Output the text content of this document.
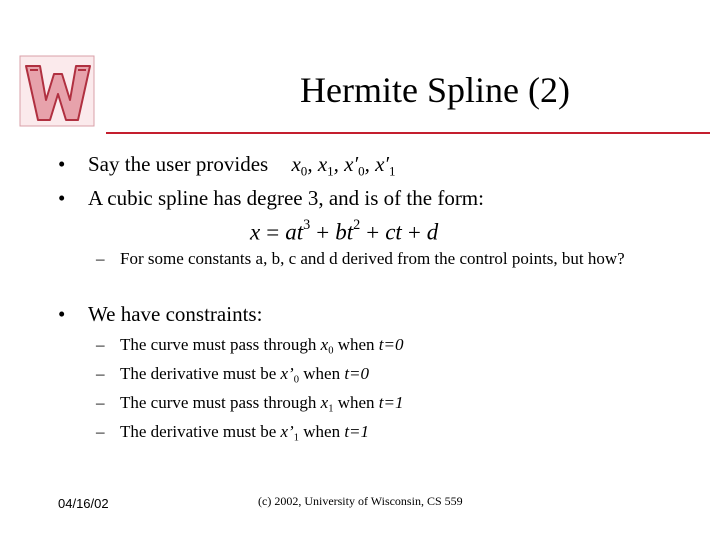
Hermite Spline (2)
• Say the user provides $x_0$, $x_1$, $x'_0$, $x'_1$
• A cubic spline has degree 3, and is of the form:
$x = at^3 + bt^2$ + ct + d
– For some constants a, b, c and d derived from the control points, but how?
• We have constraints:
– The curve must pass through $x_0$ when t=0
– The derivative must be $x’_0$ when t=0
– The curve must pass through $x_1$ when t=1
– The derivative must be $x’_1$ when t=1
04/16/02	(c) 2002, University of Wisconsin, CS 559
